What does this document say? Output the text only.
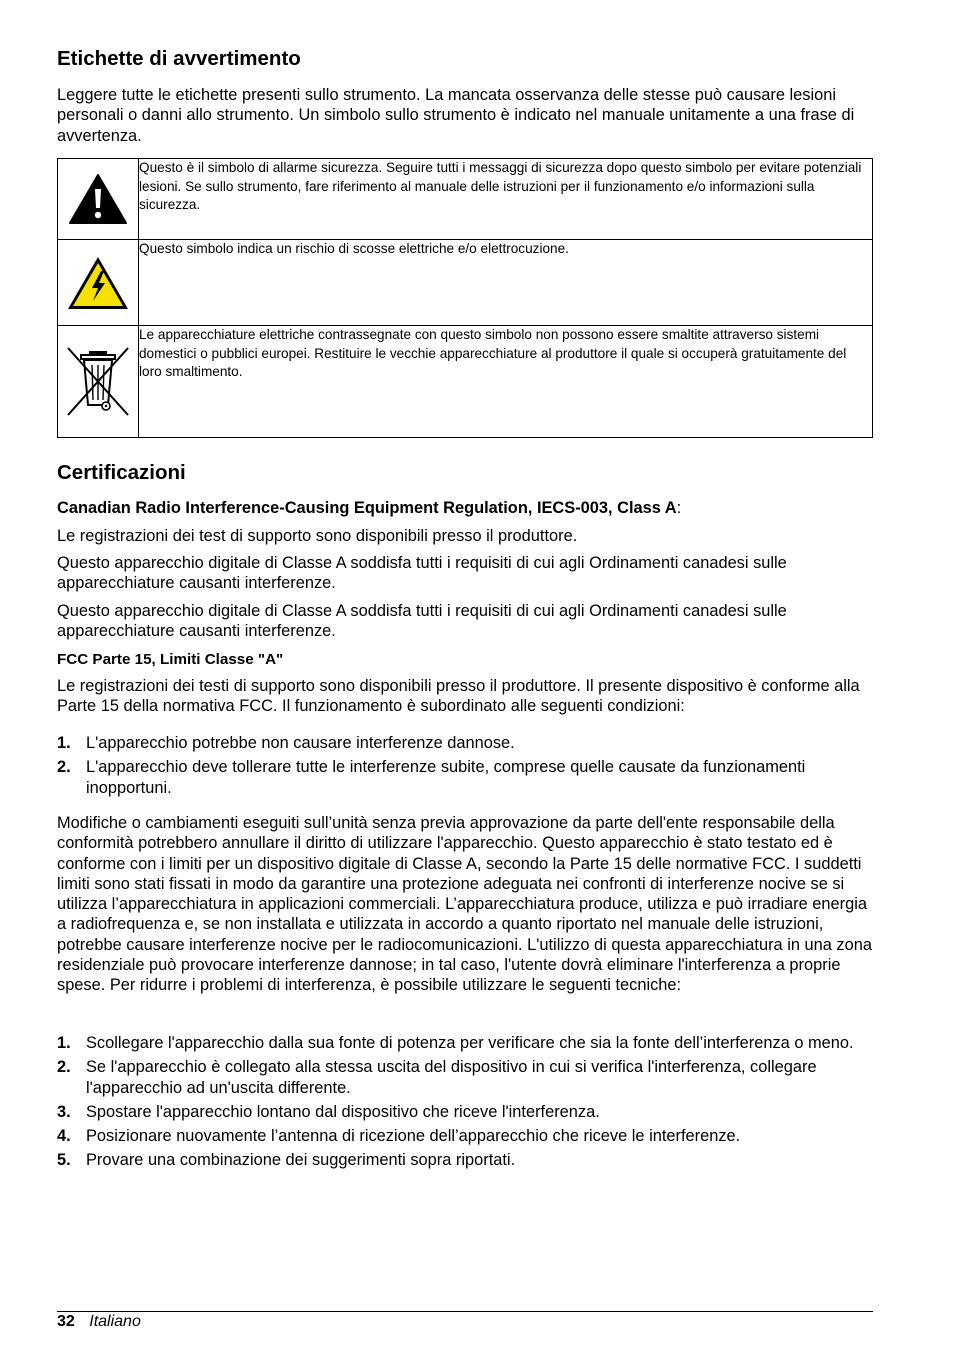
Etichette di avvertimento

Leggere tutte le etichette presenti sullo strumento. La mancata osservanza delle stesse può causare lesioni personali o danni allo strumento. Un simbolo sullo strumento è indicato nel manuale unitamente a una frase di avvertenza.

	Questo è il simbolo di allarme sicurezza. Seguire tutti i messaggi di sicurezza dopo questo simbolo per evitare potenziali lesioni. Se sullo strumento, fare riferimento al manuale delle istruzioni per il funzionamento e/o informazioni sulla sicurezza.

	Questo simbolo indica un rischio di scosse elettriche e/o elettrocuzione.

	Le apparecchiature elettriche contrassegnate con questo simbolo non possono essere smaltite attraverso sistemi domestici o pubblici europei. Restituire le vecchie apparecchiature al produttore il quale si occuperà gratuitamente del loro smaltimento.
Certificazioni

Canadian Radio Interference-Causing Equipment Regulation, IECS-003, Class A:

Le registrazioni dei test di supporto sono disponibili presso il produttore.

Questo apparecchio digitale di Classe A soddisfa tutti i requisiti di cui agli Ordinamenti canadesi sulle apparecchiature causanti interferenze.

Questo apparecchio digitale di Classe A soddisfa tutti i requisiti di cui agli Ordinamenti canadesi sulle apparecchiature causanti interferenze.

FCC Parte 15, Limiti Classe "A"

Le registrazioni dei testi di supporto sono disponibili presso il produttore. Il presente dispositivo è conforme alla Parte 15 della normativa FCC. Il funzionamento è subordinato alle seguenti condizioni:

1. L'apparecchio potrebbe non causare interferenze dannose.
2. L'apparecchio deve tollerare tutte le interferenze subite, comprese quelle causate da funzionamenti inopportuni.

Modifiche o cambiamenti eseguiti sull’unità senza previa approvazione da parte dell'ente responsabile della conformità potrebbero annullare il diritto di utilizzare l'apparecchio. Questo apparecchio è stato testato ed è conforme con i limiti per un dispositivo digitale di Classe A, secondo la Parte 15 delle normative FCC. I suddetti limiti sono stati fissati in modo da garantire una protezione adeguata nei confronti di interferenze nocive se si utilizza l’apparecchiatura in applicazioni commerciali. L’apparecchiatura produce, utilizza e può irradiare energia a radiofrequenza e, se non installata e utilizzata in accordo a quanto riportato nel manuale delle istruzioni, potrebbe causare interferenze nocive per le radiocomunicazioni. L'utilizzo di questa apparecchiatura in una zona residenziale può provocare interferenze dannose; in tal caso, l'utente dovrà eliminare l'interferenza a proprie spese. Per ridurre i problemi di interferenza, è possibile utilizzare le seguenti tecniche:

1. Scollegare l'apparecchio dalla sua fonte di potenza per verificare che sia la fonte dell’interferenza o meno.
2. Se l'apparecchio è collegato alla stessa uscita del dispositivo in cui si verifica l'interferenza, collegare l'apparecchio ad un'uscita differente.
3. Spostare l'apparecchio lontano dal dispositivo che riceve l'interferenza.
4. Posizionare nuovamente l’antenna di ricezione dell’apparecchio che riceve le interferenze.
5. Provare una combinazione dei suggerimenti sopra riportati.
32 Italiano
